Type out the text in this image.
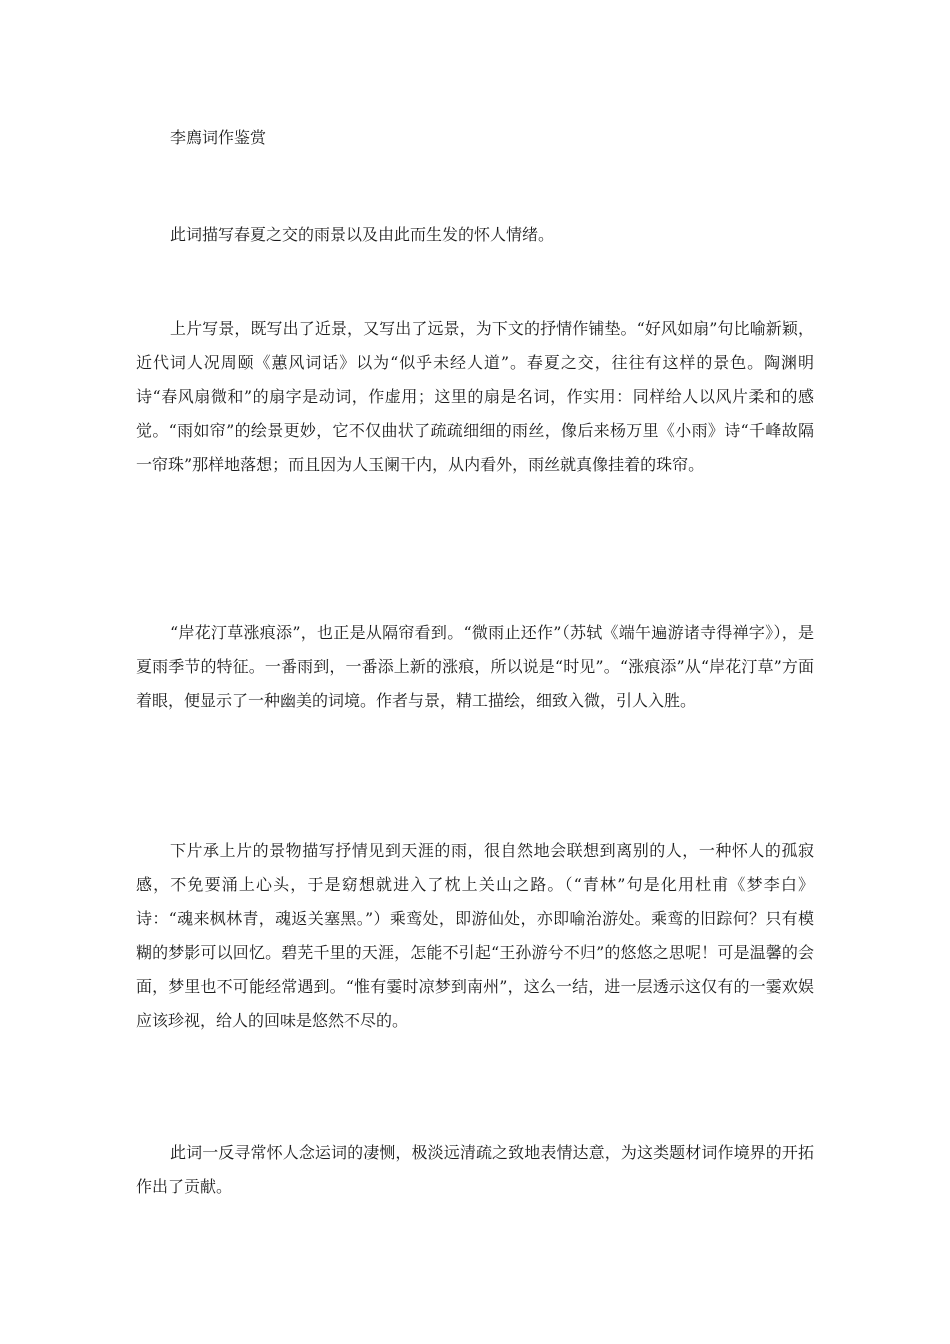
李廌词作鉴赏

此词描写春夏之交的雨景以及由此而生发的怀人情绪。

上片写景，既写出了近景，又写出了远景，为下文的抒情作铺垫。“好风如扇”句比喻新颖，近代词人况周颐《蕙风词话》以为“似乎未经人道”。春夏之交，往往有这样的景色。陶渊明诗“春风扇微和”的扇字是动词，作虚用；这里的扇是名词，作实用：同样给人以风片柔和的感觉。“雨如帘”的绘景更妙，它不仅曲状了疏疏细细的雨丝，像后来杨万里《小雨》诗“千峰故隔一帘珠”那样地落想；而且因为人玉阑干内，从内看外，雨丝就真像挂着的珠帘。

“岸花汀草涨痕添”，也正是从隔帘看到。“微雨止还作”（苏轼《端午遍游诸寺得禅字》），是夏雨季节的特征。一番雨到，一番添上新的涨痕，所以说是“时见”。“涨痕添”从“岸花汀草”方面着眼，便显示了一种幽美的词境。作者与景，精工描绘，细致入微，引人入胜。

下片承上片的景物描写抒情见到天涯的雨，很自然地会联想到离别的人，一种怀人的孤寂感，不免要涌上心头，于是窈想就进入了枕上关山之路。（“青林”句是化用杜甫《梦李白》诗：“魂来枫林青，魂返关塞黑。”）乘鸾处，即游仙处，亦即喻治游处。乘鸾的旧踪何？只有模糊的梦影可以回忆。碧芜千里的天涯，怎能不引起“王孙游兮不归”的悠悠之思呢！可是温馨的会面，梦里也不可能经常遇到。“惟有霎时凉梦到南州”，这么一结，进一层透示这仅有的一霎欢娱应该珍视，给人的回味是悠然不尽的。

此词一反寻常怀人念运词的凄恻，极淡远清疏之致地表情达意，为这类题材词作境界的开拓作出了贡献。
